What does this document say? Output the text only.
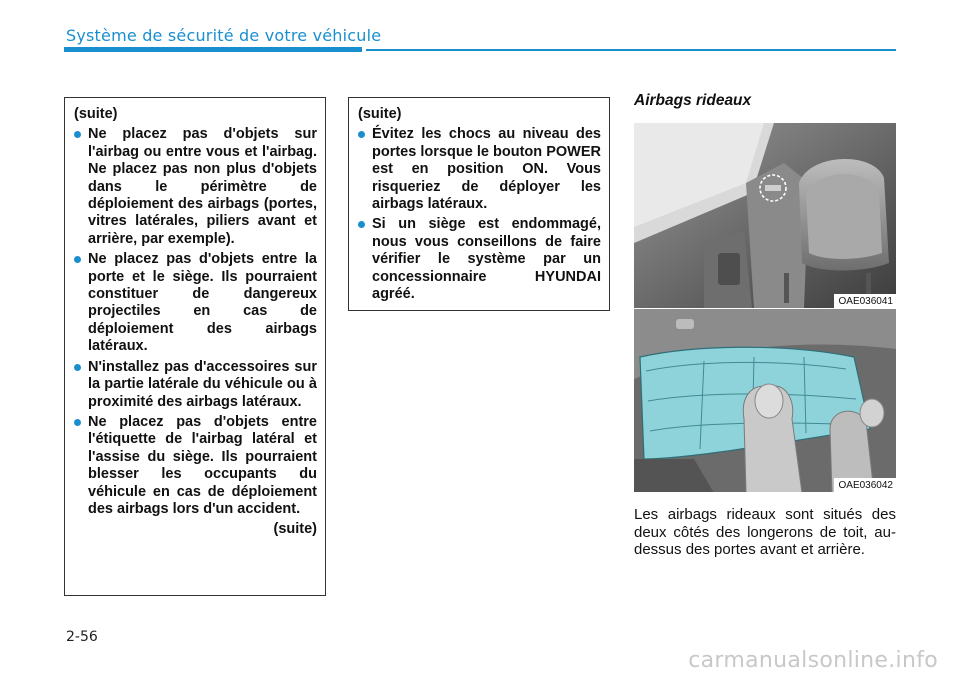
Système de sécurité de votre véhicule
(suite)
Ne placez pas d'objets sur l'airbag ou entre vous et l'airbag. Ne placez pas non plus d'objets dans le périmètre de déploiement des airbags (portes, vitres latérales, piliers avant et arrière, par exemple).
Ne placez pas d'objets entre la porte et le siège. Ils pourraient constituer de dangereux projectiles en cas de déploiement des airbags latéraux.
N'installez pas d'accessoires sur la partie latérale du véhicule ou à proximité des airbags latéraux.
Ne placez pas d'objets entre l'étiquette de l'airbag latéral et l'assise du siège. Ils pourraient blesser les occupants du véhicule en cas de déploiement des airbags lors d'un accident.
(suite)
(suite)
Évitez les chocs au niveau des portes lorsque le bouton POWER est en position ON. Vous risqueriez de déployer les airbags latéraux.
Si un siège est endommagé, nous vous conseillons de faire vérifier le système par un concessionnaire HYUNDAI agréé.
Airbags rideaux
OAE036041
OAE036042
Les airbags rideaux sont situés des deux côtés des longerons de toit, au-dessus des portes avant et arrière.
2-56
carmanualsonline.info
